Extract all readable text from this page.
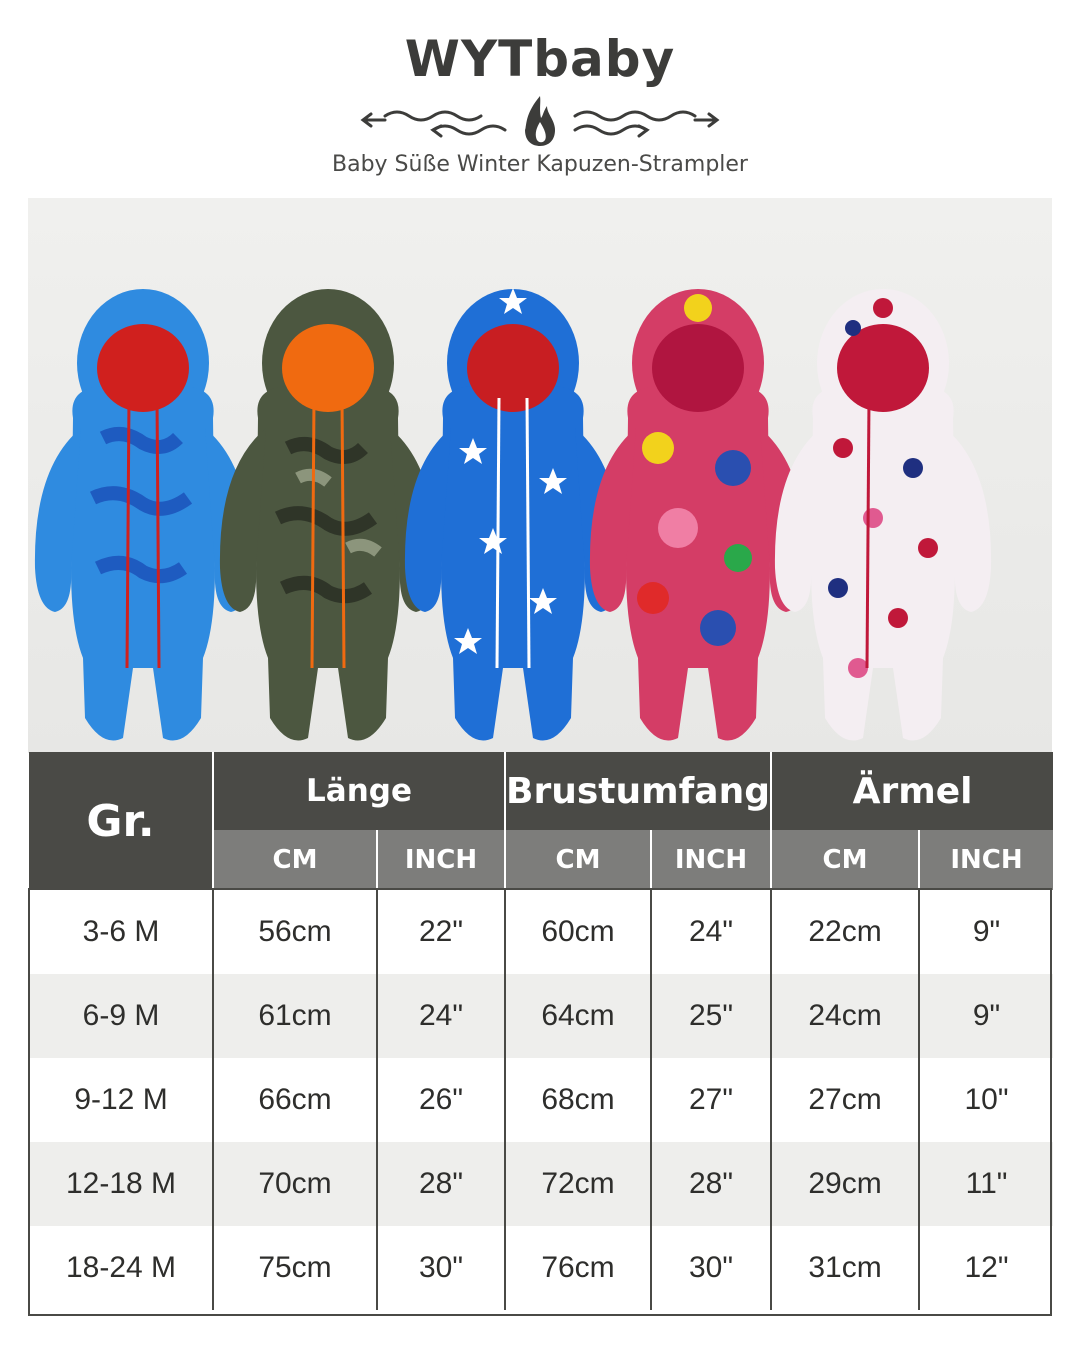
WYTbaby
Baby Süße Winter Kapuzen-Strampler
Gr.	Länge		Brustumfang		Ärmel	
	CM	INCH	CM	INCH	CM	INCH
3-6 M	56cm	22"	60cm	24"	22cm	9"
6-9 M	61cm	24"	64cm	25"	24cm	9"
9-12 M	66cm	26"	68cm	27"	27cm	10"
12-18 M	70cm	28"	72cm	28"	29cm	11"
18-24 M	75cm	30"	76cm	30"	31cm	12"
